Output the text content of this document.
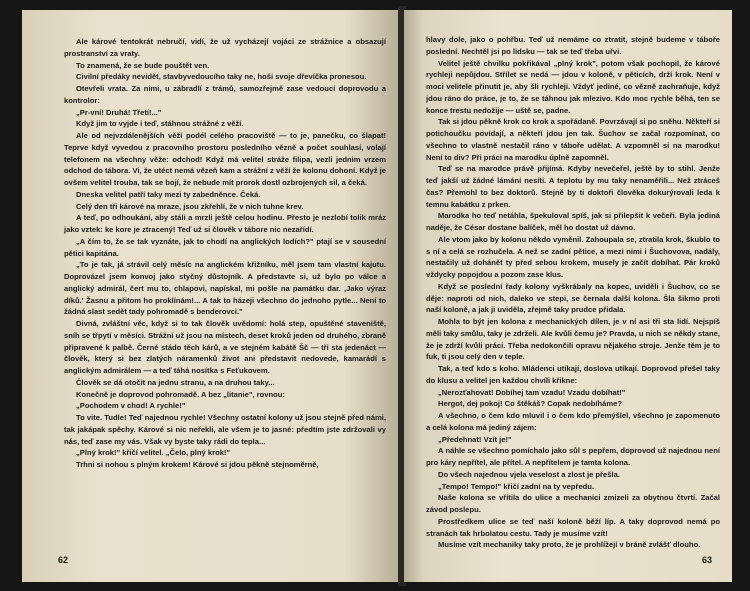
Ale kárové tentokrát nebručí, vidí, že už vycházejí vojáci ze strážnice a obsazují prostranství za vraty.

To znamená, že se bude pouštět ven.

Civilní předáky nevidět, stavbyvedoucího taky ne, hoši svoje dřevíčka pronesou.

Otevřeli vrata. Za nimi, u zábradlí z trámů, samozřejmě zase vedoucí doprovodu a kontrolor:

„Pr-vní! Druhá! Třetí!..."

Když jim to vyjde i teď, stáhnou strážné z věží.

Ale od nejvzdálenějších věží podél celého pracoviště — to je, panečku, co šlapat! Teprve když vyvedou z pracovního prostoru posledního vězně a počet souhlasí, volají telefonem na všechny věže: odchod! Když má velitel stráže filipa, vezli jednim vrzem odchod do tábora. Vi, že utéct nemá vězeň kam a strážní z věží že kolonu dohoní. Když je ovšem velitel trouba, tak se bojí, že nebude mít prorok dostl ozbrojených sil, a čeká.

Dneska velitel patří taky mezi ty zabedněnce. Čeká.

Celý den tři kárové na mraze, jsou zkřehlí, že v nich tuhne krev.

A teď, po odhoukání, aby stáli a mrzli ještě celou hodinu. Přesto je nezlobí tolik mráz jako vztek: ke kore je ztracený! Teď už si člověk v tábore nic nezařídí.

„A čím to, že se tak vyznáte, jak to chodí na anglických lodích?" ptají se v sousední pětici kapitána.

„To je tak, já strávil celý měsíc na anglickém křižníku, měl jsem tam vlastní kajutu. Doprovázel jsem konvoj jako styčný důstojník. A představte si, už bylo po válce a anglický admirál, čert mu to, chlapovi, napískal, mi pošle na památku dar. ‚Jako výraz díků.' Žasnu a přitom ho proklínám!... A tak to házeji všechno do jednoho pytle... Není to žádná slast sedět tady pohromadě s benderovci."

Divná, zvláštní věc, když si to tak člověk uvědomí: holá step, opuštěné staveniště, sníh se třpytí v měsíci. Strážní už jsou na místech, deset kroků jeden od druhého, zbraně připravené k palbě. Černé stádo těch kárů, a ve stejném kabátě Šč — tři sta jedenáct — člověk, který si bez zlatých náramenků život ani představit nedovede, kamarádí s anglickým admirálem — a teď táhá nosítka s Feťukovem.

Člověk se dá otočit na jednu stranu, a na druhou taky...

Konečně je doprovod pohromadě. A bez „litanie", rovnou:

„Pochodem v chod! A rychle!"

To vite. Tudle! Teď najednou rychle! Všechny ostatní kolony už jsou stejně před námi, tak jakápak spěchy. Kárové si nic neřekli, ale všem je to jasné: předtím jste zdržovali vy nás, teď zase my vás. Však vy byste taky rádi do tepla...

„Plný krok!" křičí velitel. „Čelo, plný krok!"

Trhni si nohou s plným krokem! Kárové si jdou pěkně stejnoměrně,

62

hlavy dole, jako o pohřbu. Teď už nemáme co ztratit, stejně budeme v táboře poslední. Nechtěl jsi po lidsku — tak se teď třeba uřvi.

Velitel ještě chvilku pokřikával „plný krok", potom však pochopil, že kárové rychleji nepůjdou. Střílet se nedá — jdou v koloně, v pěticích, drží krok. Není v moci velitele přinutit je, aby šli rychleji. Vždyť jediné, co vězně zachraňuje, když jdou ráno do práce, je to, že se táhnou jak mlezivo. Kdo moc rychle běhá, ten se konce trestu nedožije — uště se, padne.

Tak si jdou pěkně krok co krok a spořádaně. Povrzávají si po sněhu. Někteří si potichoučku povídají, a někteří jdou jen tak. Šuchov se začal rozpomínat, co všechno to vlastně nestačil ráno v táboře udělat. A vzpomněl si na marodku! Není to div? Při práci na marodku úplně zapomněl.

Teď se na marodce právě přijímá. Kdyby nevečeřel, ještě by to stihl. Jenže teď jakší už žádné lámání nesíti. A teplotu by mu taky nenaměřili... Než ztráceš čas? Přemohl to bez doktorů. Stejně by ti doktoři člověka dokurýrovali leda k temnu kabátku z prken.

Marodka ho teď netáhla, špekuloval spíš, jak si přilepšit k večeři. Byla jediná naděje, že César dostane balíček, měl ho dostat už dávno.

Ale vtom jako by kolonu někdo vyměnil. Zahoupala se, ztratila krok, škublo to s ní a celá se rozhučela. A než se zadní pětice, a mezi nimi i Šuchovova, nadály, nestačily už dohánět ty před sebou krokem, musely je začít dobíhat. Pár kroků vždycky popojdou a pozom zase klus.

Když se poslední řady kolony vyškrábaly na kopec, uviděli i Šuchov, co se děje: naproti od nich, daleko ve stepi, se černala další kolona. Šla šikmo proti naší koloně, a jak ji uviděla, zřejmě taky prudce přidala.

Mohla to být jen kolona z mechanických dílen, je v ní asi tři sta lidí. Nejspíš měli taky smůlu, taky je zdrželi. Ale kvůli čemu je? Pravda, u nich se někdy stane, že je zdrží kvůli práci. Třeba nedokončili opravu nějakého stroje. Jenže těm je to fuk, ti jsou celý den v teple.

Tak, a teď kdo s koho. Mládenci utíkají, doslova utíkají. Doprovod přešel taky do klusu a velitel jen každou chvíli křikne:

„Nerozťahovat! Dobíhej tam vzadu! Vzadu dobíhat!"

Hergot, dej pokoj! Co štěkáš? Copak nedobíháme?

A všechno, o čem kdo mluvil i o čem kdo přemýšlel, všechno je zapomenuto a celá kolona má jediný zájem:

„Předehnat! Vzít je!"

A náhle se všechno pomíchalo jako sůl s pepřem, doprovod už najednou není pro káry nepřítel, ale přítel. A nepřítelem je tamta kolona.

Do všech najednou vjela veselost a zlost je přešla.

„Tempo! Tempo!" křičí zadní na ty vepředu.

Naše kolona se vřítila do ulice a mechanici zmizeli za obytnou čtvrtí. Začal závod poslepu.

Prostředkem ulice se teď naší koloně běží líp. A taky doprovod nemá po stranách tak hrbolatou cestu. Tady je musíme vzít!

Musíme vzít mechaniky taky proto, že je prohlížejí v bráně zvlášť dlouho.

63
